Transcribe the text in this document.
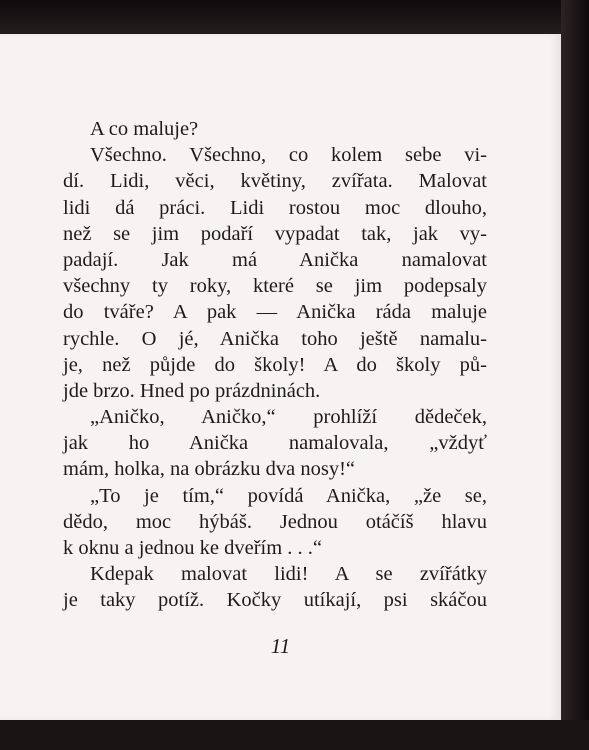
A co maluje?
Všechno. Všechno, co kolem sebe vi-
dí. Lidi, věci, květiny, zvířata. Malovat
lidi dá práci. Lidi rostou moc dlouho,
než se jim podaří vypadat tak, jak vy-
padají. Jak má Anička namalovat
všechny ty roky, které se jim podepsaly
do tváře? A pak — Anička ráda maluje
rychle. O jé, Anička toho ještě namalu-
je, než půjde do školy! A do školy pů-
jde brzo. Hned po prázdninách.
„Aničko, Aničko,“ prohlíží dědeček,
jak ho Anička namalovala, „vždyť
mám, holka, na obrázku dva nosy!“
„To je tím,“ povídá Anička, „že se,
dědo, moc hýbáš. Jednou otáčíš hlavu
k oknu a jednou ke dveřím . . .“
Kdepak malovat lidi! A se zvířátky
je taky potíž. Kočky utíkají, psi skáčou
11
